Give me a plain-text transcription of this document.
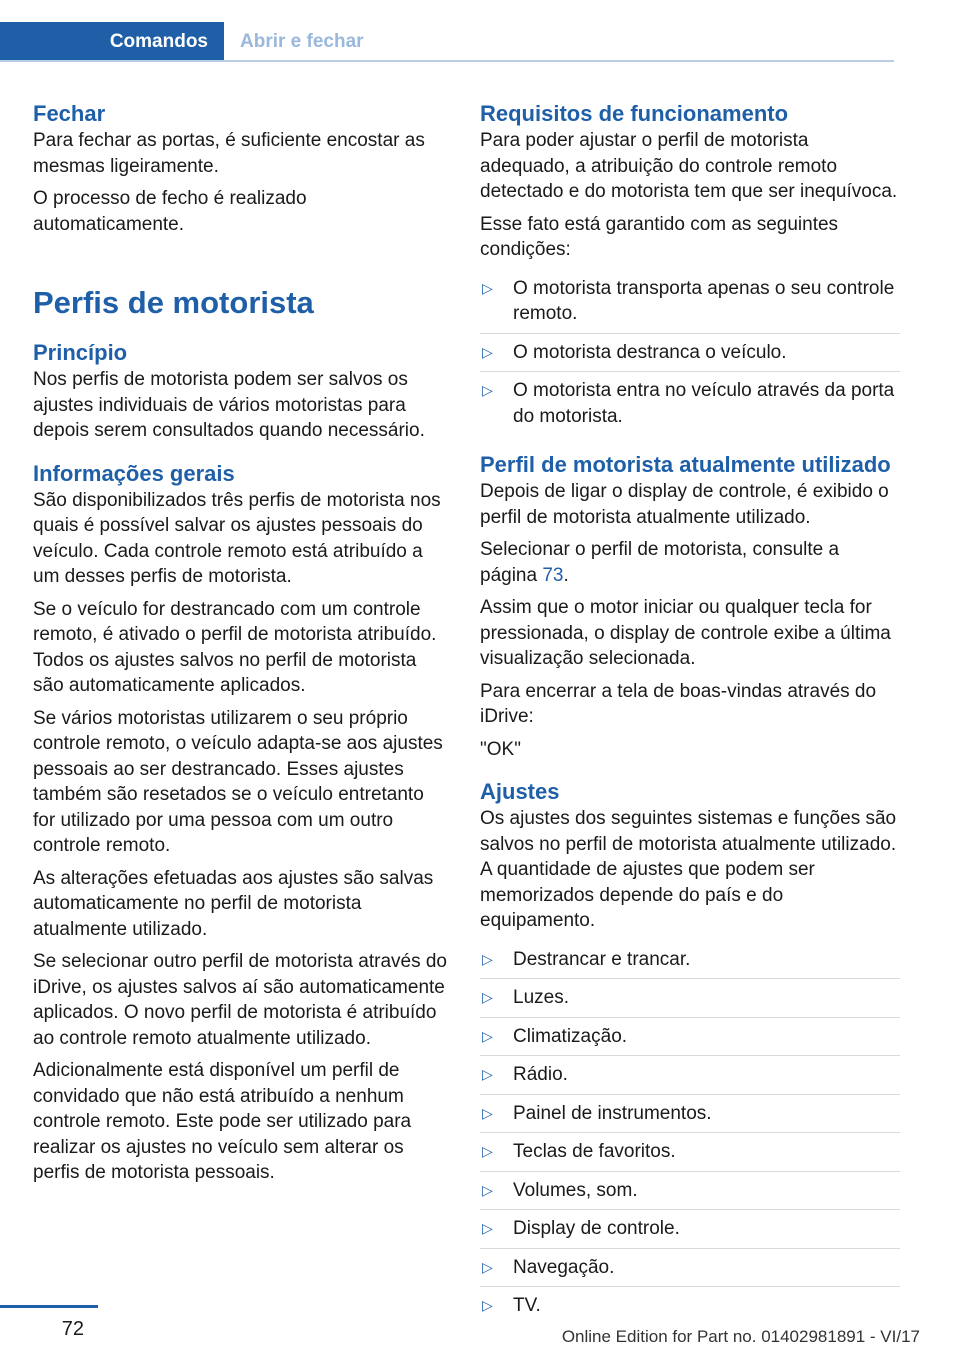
Comandos Abrir e fechar
Fechar

Para fechar as portas, é suficiente encostar as mesmas ligeiramente.

O processo de fecho é realizado automaticamente.

Perfis de motorista
Princípio

Nos perfis de motorista podem ser salvos os ajustes individuais de vários motoristas para depois serem consultados quando necessário.

Informações gerais

São disponibilizados três perfis de motorista nos quais é possível salvar os ajustes pessoais do veículo. Cada controle remoto está atribuído a um desses perfis de motorista.

Se o veículo for destrancado com um controle remoto, é ativado o perfil de motorista atribuído. Todos os ajustes salvos no perfil de motorista são automaticamente aplicados.

Se vários motoristas utilizarem o seu próprio controle remoto, o veículo adapta-se aos ajustes pessoais ao ser destrancado. Esses ajustes também são resetados se o veículo entretanto for utilizado por uma pessoa com um outro controle remoto.

As alterações efetuadas aos ajustes são salvas automaticamente no perfil de motorista atualmente utilizado.

Se selecionar outro perfil de motorista através do iDrive, os ajustes salvos aí são automaticamente aplicados. O novo perfil de motorista é atribuído ao controle remoto atualmente utilizado.

Adicionalmente está disponível um perfil de convidado que não está atribuído a nenhum controle remoto. Este pode ser utilizado para realizar os ajustes no veículo sem alterar os perfis de motorista pessoais.

Requisitos de funcionamento

Para poder ajustar o perfil de motorista adequado, a atribuição do controle remoto detectado e do motorista tem que ser inequívoca.

Esse fato está garantido com as seguintes condições:

▷ O motorista transporta apenas o seu controle remoto.
▷ O motorista destranca o veículo.
▷ O motorista entra no veículo através da porta do motorista.
Perfil de motorista atualmente utilizado

Depois de ligar o display de controle, é exibido o perfil de motorista atualmente utilizado.

Selecionar o perfil de motorista, consulte a página 73.

Assim que o motor iniciar ou qualquer tecla for pressionada, o display de controle exibe a última visualização selecionada.

Para encerrar a tela de boas-vindas através do iDrive:

"OK"

Ajustes

Os ajustes dos seguintes sistemas e funções são salvos no perfil de motorista atualmente utilizado. A quantidade de ajustes que podem ser memorizados depende do país e do equipamento.

▷ Destrancar e trancar.
▷ Luzes.
▷ Climatização.
▷ Rádio.
▷ Painel de instrumentos.
▷ Teclas de favoritos.
▷ Volumes, som.
▷ Display de controle.
▷ Navegação.
▷ TV.
72	Online Edition for Part no. 01402981891 - VI/17
